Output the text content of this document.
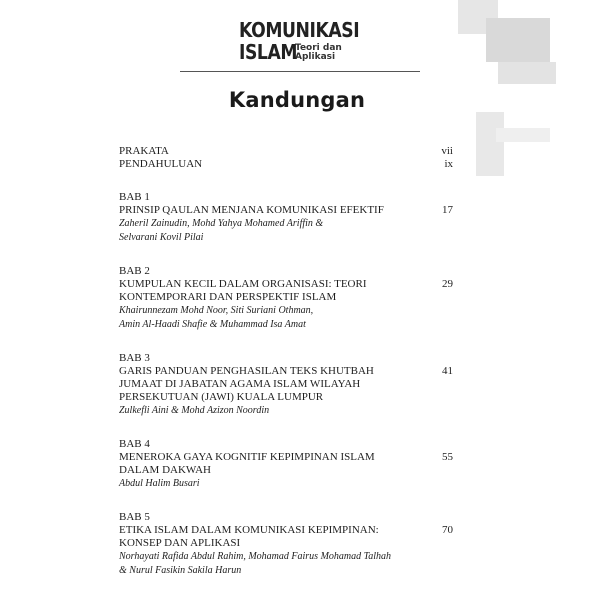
KOMUNIKASI
ISLAM
Teori dan
Aplikasi
Kandungan
PRAKATA	vii
PENDAHULUAN	ix
BAB 1
PRINSIP QAULAN MENJANA KOMUNIKASI EFEKTIF	17
Zaheril Zainudin, Mohd Yahya Mohamed Ariffin &
Selvarani Kovil Pilai
BAB 2
KUMPULAN KECIL DALAM ORGANISASI: TEORI	29
KONTEMPORARI DAN PERSPEKTIF ISLAM
Khairunnezam Mohd Noor, Siti Suriani Othman,
Amin Al-Haadi Shafie & Muhammad Isa Amat
BAB 3
GARIS PANDUAN PENGHASILAN TEKS KHUTBAH	41
JUMAAT DI JABATAN AGAMA ISLAM WILAYAH
PERSEKUTUAN (JAWI) KUALA LUMPUR
Zulkefli Aini & Mohd Azizon Noordin
BAB 4
MENEROKA GAYA KOGNITIF KEPIMPINAN ISLAM	55
DALAM DAKWAH
Abdul Halim Busari
BAB 5
ETIKA ISLAM DALAM KOMUNIKASI KEPIMPINAN:	70
KONSEP DAN APLIKASI
Norhayati Rafida Abdul Rahim, Mohamad Fairus Mohamad Talhah
& Nurul Fasikin Sakila Harun
